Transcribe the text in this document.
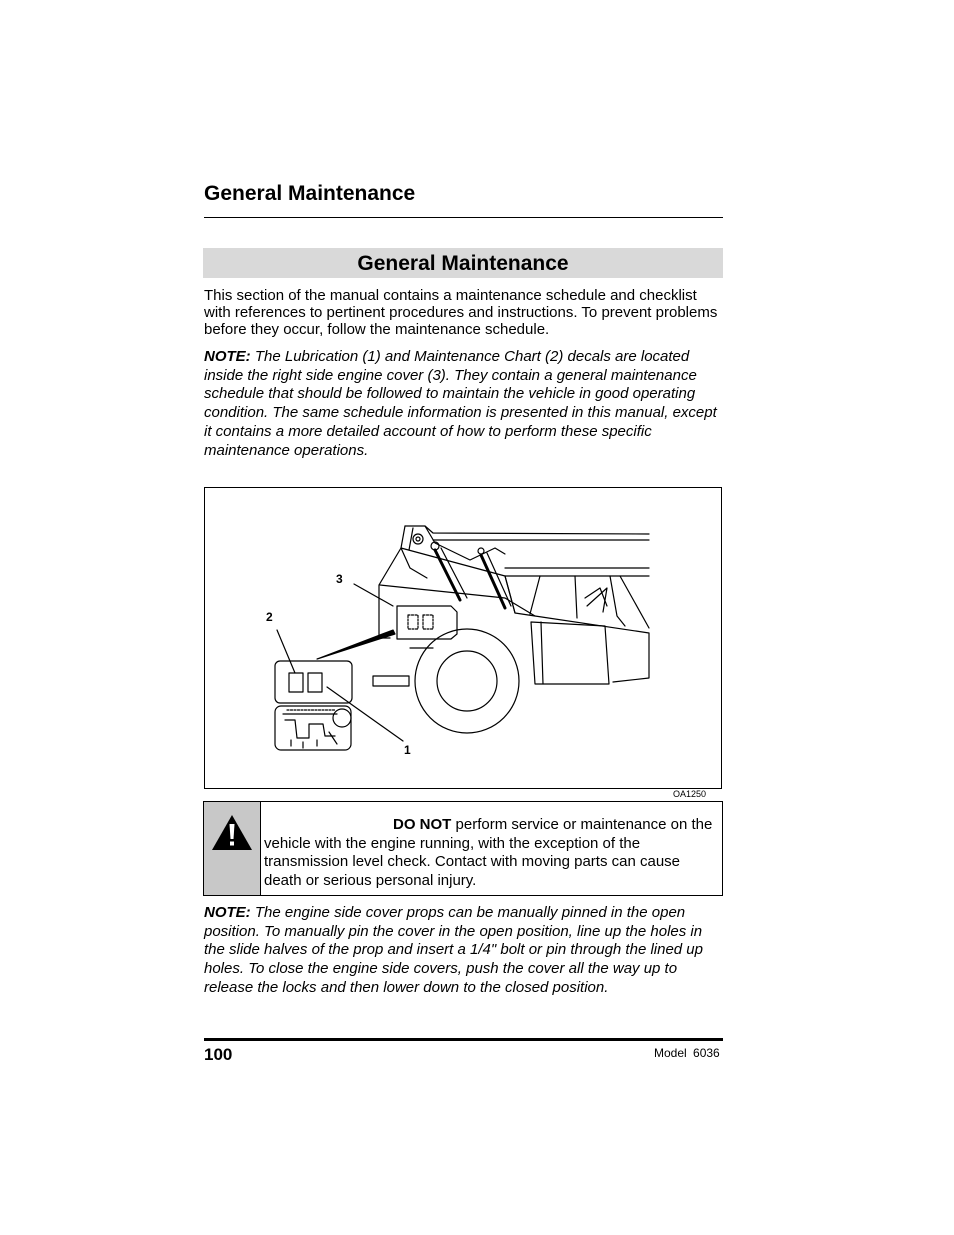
General Maintenance
General Maintenance

This section of the manual contains a maintenance schedule and checklist with references to pertinent procedures and instructions. To prevent problems before they occur, follow the maintenance schedule.

NOTE: The Lubrication (1) and Maintenance Chart (2) decals are located inside the right side engine cover (3). They contain a general maintenance schedule that should be followed to maintain the vehicle in good operating condition. The same schedule information is presented in this manual, except it contains a more detailed account of how to perform these specific maintenance operations.

1
2
3
OA1250

DO NOT perform service or maintenance on the vehicle with the engine running, with the exception of the transmission level check. Contact with moving parts can cause death or serious personal injury.

NOTE: The engine side cover props can be manually pinned in the open position. To manually pin the cover in the open position, line up the holes in the slide halves of the prop and insert a 1/4" bolt or pin through the lined up holes. To close the engine side covers, push the cover all the way up to release the locks and then lower down to the closed position.

100	Model 6036
